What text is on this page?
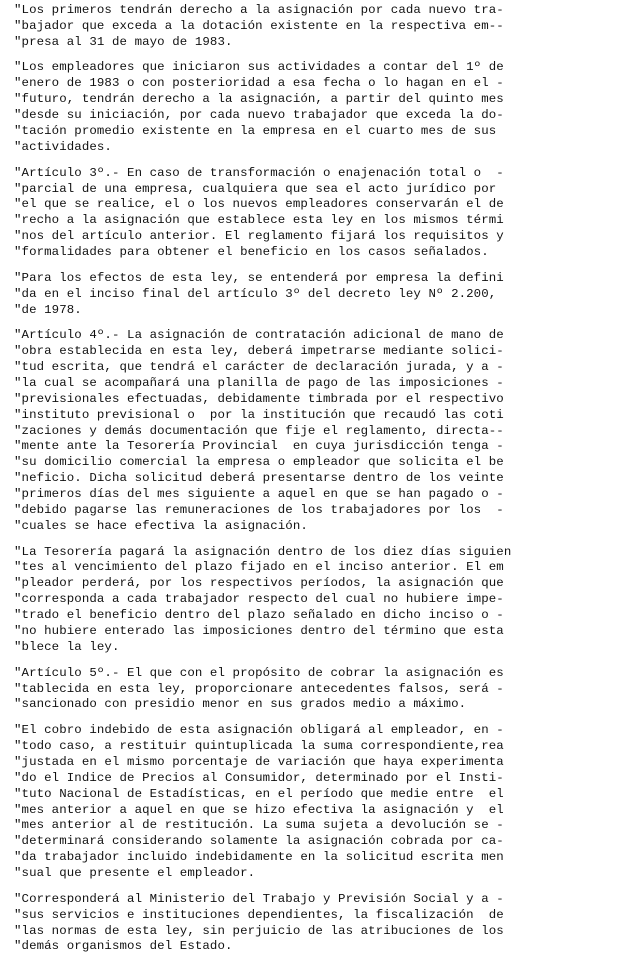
"Los primeros tendrán derecho a la asignación por cada nuevo tra-
"bajador que exceda a la dotación existente en la respectiva em--
"presa al 31 de mayo de 1983.
"Los empleadores que iniciaron sus actividades a contar del 1º de
"enero de 1983 o con posterioridad a esa fecha o lo hagan en el -
"futuro, tendrán derecho a la asignación, a partir del quinto mes
"desde su iniciación, por cada nuevo trabajador que exceda la do-
"tación promedio existente en la empresa en el cuarto mes de sus
"actividades.
"Artículo 3º.- En caso de transformación o enajenación total o  -
"parcial de una empresa, cualquiera que sea el acto jurídico por
"el que se realice, el o los nuevos empleadores conservarán el de
"recho a la asignación que establece esta ley en los mismos térmi
"nos del artículo anterior. El reglamento fijará los requisitos y
"formalidades para obtener el beneficio en los casos señalados.
"Para los efectos de esta ley, se entenderá por empresa la defini
"da en el inciso final del artículo 3º del decreto ley Nº 2.200,
"de 1978.
"Artículo 4º.- La asignación de contratación adicional de mano de
"obra establecida en esta ley, deberá impetrarse mediante solici-
"tud escrita, que tendrá el carácter de declaración jurada, y a -
"la cual se acompañará una planilla de pago de las imposiciones -
"previsionales efectuadas, debidamente timbrada por el respectivo
"instituto previsional o  por la institución que recaudó las coti
"zaciones y demás documentación que fije el reglamento, directa--
"mente ante la Tesorería Provincial  en cuya jurisdicción tenga -
"su domicilio comercial la empresa o empleador que solicita el be
"neficio. Dicha solicitud deberá presentarse dentro de los veinte
"primeros días del mes siguiente a aquel en que se han pagado o -
"debido pagarse las remuneraciones de los trabajadores por los  -
"cuales se hace efectiva la asignación.
"La Tesorería pagará la asignación dentro de los diez días siguien
"tes al vencimiento del plazo fijado en el inciso anterior. El em
"pleador perderá, por los respectivos períodos, la asignación que
"corresponda a cada trabajador respecto del cual no hubiere impe-
"trado el beneficio dentro del plazo señalado en dicho inciso o -
"no hubiere enterado las imposiciones dentro del término que esta
"blece la ley.
"Artículo 5º.- El que con el propósito de cobrar la asignación es
"tablecida en esta ley, proporcionare antecedentes falsos, será -
"sancionado con presidio menor en sus grados medio a máximo.
"El cobro indebido de esta asignación obligará al empleador, en -
"todo caso, a restituir quintuplicada la suma correspondiente,rea
"justada en el mismo porcentaje de variación que haya experimenta
"do el Indice de Precios al Consumidor, determinado por el Insti-
"tuto Nacional de Estadísticas, en el período que medie entre  el
"mes anterior a aquel en que se hizo efectiva la asignación y  el
"mes anterior al de restitución. La suma sujeta a devolución se -
"determinará considerando solamente la asignación cobrada por ca-
"da trabajador incluido indebidamente en la solicitud escrita men
"sual que presente el empleador.
"Corresponderá al Ministerio del Trabajo y Previsión Social y a -
"sus servicios e instituciones dependientes, la fiscalización  de
"las normas de esta ley, sin perjuicio de las atribuciones de los
"demás organismos del Estado.
